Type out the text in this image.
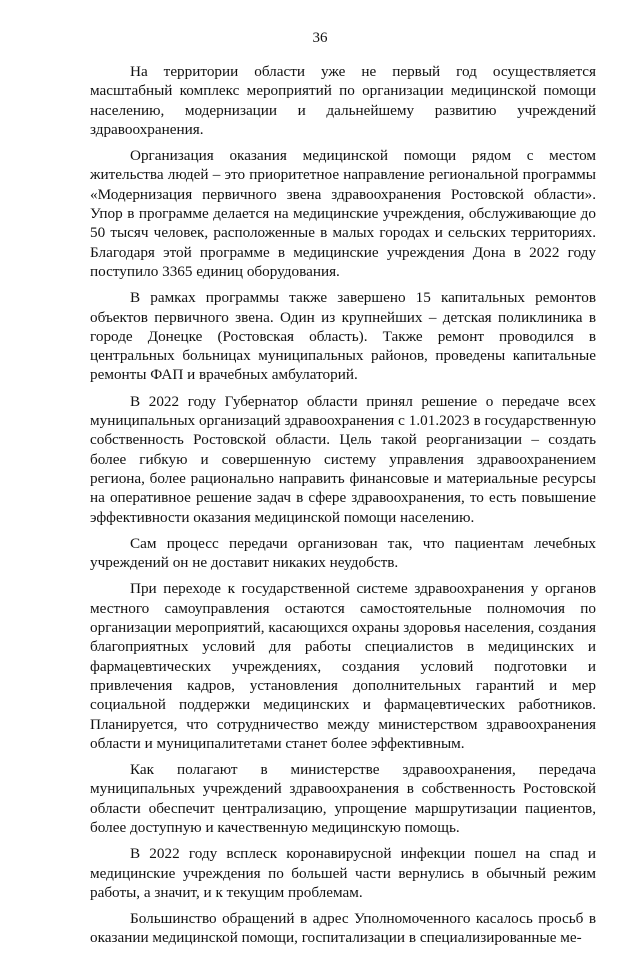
36

На территории области уже не первый год осуществляется масштабный комплекс мероприятий по организации медицинской помощи населению, модернизации и дальнейшему развитию учреждений здравоохранения.

Организация оказания медицинской помощи рядом с местом жительства людей – это приоритетное направление региональной программы «Модернизация первичного звена здравоохранения Ростовской области». Упор в программе делается на медицинские учреждения, обслуживающие до 50 тысяч человек, расположенные в малых городах и сельских территориях. Благодаря этой программе в медицинские учреждения Дона в 2022 году поступило 3365 единиц оборудования.

В рамках программы также завершено 15 капитальных ремонтов объектов первичного звена. Один из крупнейших – детская поликлиника в городе Донецке (Ростовская область). Также ремонт проводился в центральных больницах муниципальных районов, проведены капитальные ремонты ФАП и врачебных амбулаторий.

В 2022 году Губернатор области принял решение о передаче всех муниципальных организаций здравоохранения с 1.01.2023 в государственную собственность Ростовской области. Цель такой реорганизации – создать более гибкую и совершенную систему управления здравоохранением региона, более рационально направить финансовые и материальные ресурсы на оперативное решение задач в сфере здравоохранения, то есть повышение эффективности оказания медицинской помощи населению.

Сам процесс передачи организован так, что пациентам лечебных учреждений он не доставит никаких неудобств.

При переходе к государственной системе здравоохранения у органов местного самоуправления остаются самостоятельные полномочия по организации мероприятий, касающихся охраны здоровья населения, создания благоприятных условий для работы специалистов в медицинских и фармацевтических учреждениях, создания условий подготовки и привлечения кадров, установления дополнительных гарантий и мер социальной поддержки медицинских и фармацевтических работников. Планируется, что сотрудничество между министерством здравоохранения области и муниципалитетами станет более эффективным.

Как полагают в министерстве здравоохранения, передача муниципальных учреждений здравоохранения в собственность Ростовской области обеспечит централизацию, упрощение маршрутизации пациентов, более доступную и качественную медицинскую помощь.

В 2022 году всплеск коронавирусной инфекции пошел на спад и медицинские учреждения по большей части вернулись в обычный режим работы, а значит, и к текущим проблемам.

Большинство обращений в адрес Уполномоченного касалось просьб в оказании медицинской помощи, госпитализации в специализированные ме-
